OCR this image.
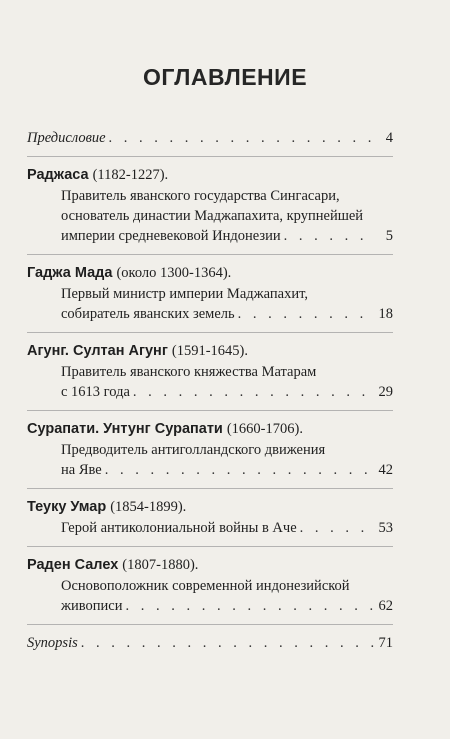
ОГЛАВЛЕНИЕ
Предисловие . . .	4
Раджаса (1182-1227).
Правитель яванского государства Сингасари,
основатель династии Маджапахита, крупнейшей
империи средневековой Индонезии . . .	5
Гаджа Мада (около 1300-1364).
Первый министр империи Маджапахит,
собиратель яванских земель . . .	18
Агунг. Султан Агунг (1591-1645).
Правитель яванского княжества Матарам
с 1613 года . . .	29
Сурапати. Унтунг Сурапати (1660-1706).
Предводитель антиголландского движения
на Яве . . .	42
Теуку Умар (1854-1899).
Герой антиколониальной войны в Аче . . .	53
Раден Салех (1807-1880).
Основоположник современной индонезийской
живописи . . .	62
Synopsis . . .	71
